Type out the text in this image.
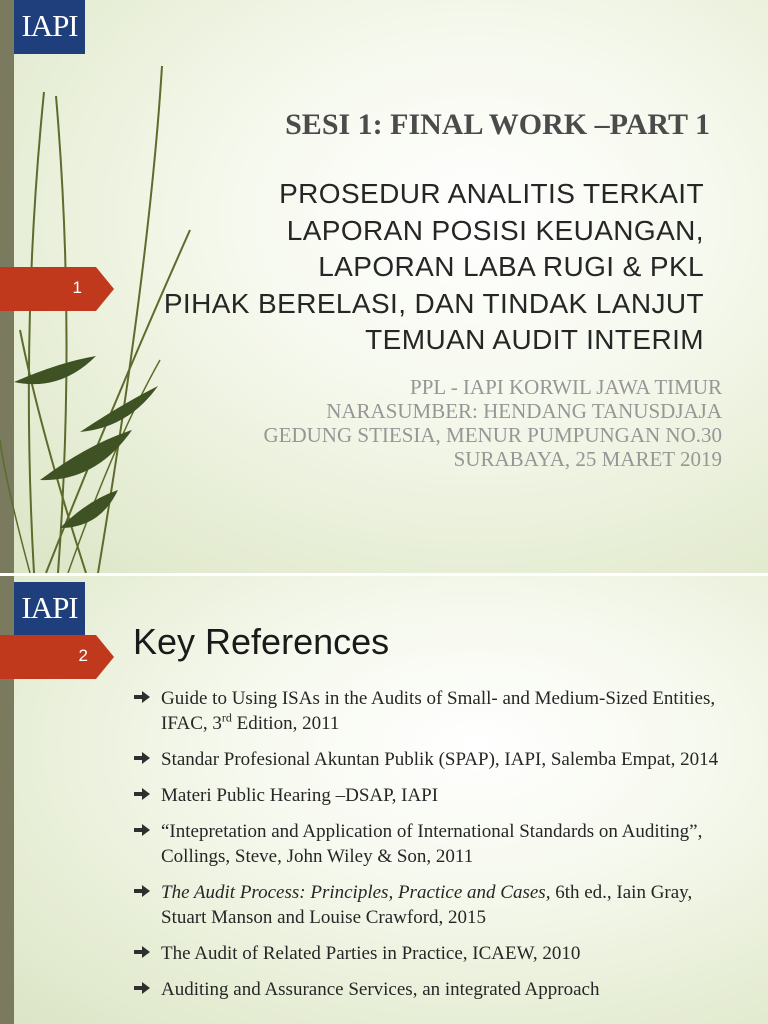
IAPI
1
SESI 1: FINAL WORK –PART 1
PROSEDUR ANALITIS TERKAIT
LAPORAN POSISI KEUANGAN,
LAPORAN LABA RUGI & PKL
PIHAK BERELASI, DAN TINDAK LANJUT
TEMUAN AUDIT INTERIM
PPL - IAPI KORWIL JAWA TIMUR
NARASUMBER: HENDANG TANUSDJAJA
GEDUNG STIESIA, MENUR PUMPUNGAN NO.30
SURABAYA, 25 MARET 2019
IAPI
2 Key References
Guide to Using ISAs in the Audits of Small- and Medium-Sized Entities, IFAC, 3rd Edition, 2011
Standar Profesional Akuntan Publik (SPAP), IAPI, Salemba Empat, 2014
Materi Public Hearing –DSAP, IAPI
“Intepretation and Application of International Standards on Auditing”, Collings, Steve, John Wiley & Son, 2011
The Audit Process: Principles, Practice and Cases, 6th ed., Iain Gray, Stuart Manson and Louise Crawford, 2015
The Audit of Related Parties in Practice, ICAEW, 2010
Auditing and Assurance Services, an integrated Approach
